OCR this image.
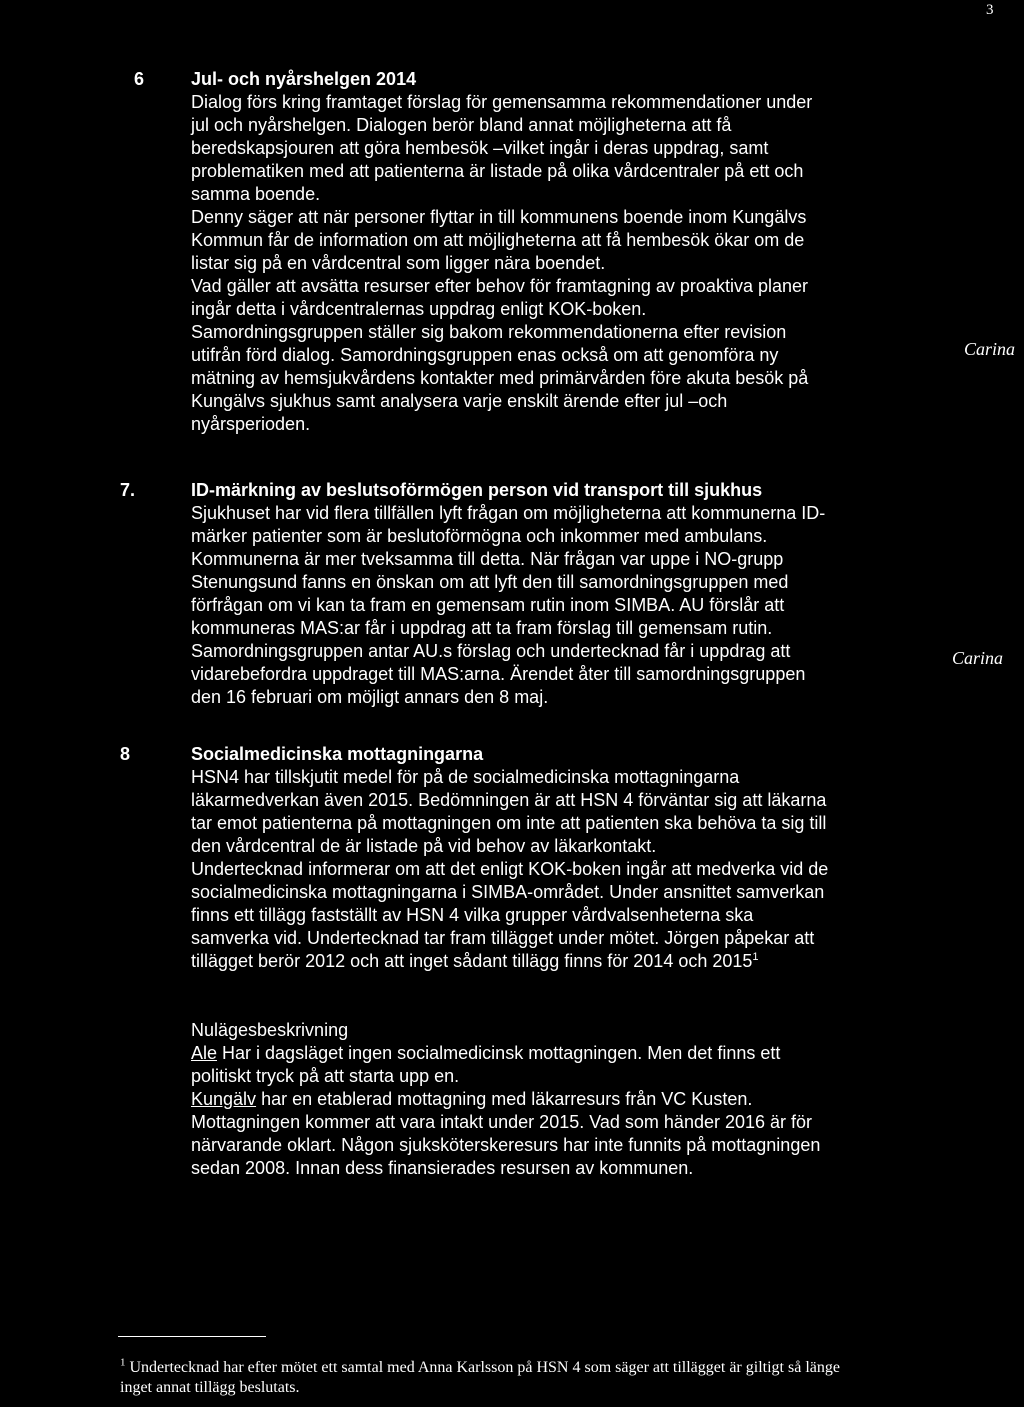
3
6	Jul- och nyårshelgen 2014

Dialog förs kring framtaget förslag för gemensamma rekommendationer under
jul och nyårshelgen. Dialogen berör bland annat möjligheterna att få
beredskapsjouren att göra hembesök –vilket ingår i deras uppdrag, samt
problematiken med att patienterna är listade på olika vårdcentraler på ett och
samma boende.

Denny säger att när personer flyttar in till kommunens boende inom Kungälvs
Kommun får de information om att möjligheterna att få hembesök ökar om de
listar sig på en vårdcentral som ligger nära boendet.

Vad gäller att avsätta resurser efter behov för framtagning av proaktiva planer
ingår detta i vårdcentralernas uppdrag enligt KOK-boken.

Samordningsgruppen ställer sig bakom rekommendationerna efter revision
utifrån förd dialog. Samordningsgruppen enas också om att genomföra ny
mätning av hemsjukvårdens kontakter med primärvården före akuta besök på
Kungälvs sjukhus samt analysera varje enskilt ärende efter jul –och
nyårsperioden.

Carina
7.	ID-märkning av beslutsoförmögen person vid transport till sjukhus

Sjukhuset har vid flera tillfällen lyft frågan om möjligheterna att kommunerna ID-
märker patienter som är beslutoförmögna och inkommer med ambulans.
Kommunerna är mer tveksamma till detta. När frågan var uppe i NO-grupp
Stenungsund fanns en önskan om att lyft den till samordningsgruppen med
förfrågan om vi kan ta fram en gemensam rutin inom SIMBA. AU förslår att
kommuneras MAS:ar får i uppdrag att ta fram förslag till gemensam rutin.
Samordningsgruppen antar AU.s förslag och undertecknad får i uppdrag att
vidarebefordra uppdraget till MAS:arna. Ärendet åter till samordningsgruppen
den 16 februari om möjligt annars den 8 maj.

Carina
8	Socialmedicinska mottagningarna

HSN4 har tillskjutit medel för på de socialmedicinska mottagningarna
läkarmedverkan även 2015. Bedömningen är att HSN 4 förväntar sig att läkarna
tar emot patienterna på mottagningen om inte att patienten ska behöva ta sig till
den vårdcentral de är listade på vid behov av läkarkontakt.

Undertecknad informerar om att det enligt KOK-boken ingår att medverka vid de
socialmedicinska mottagningarna i SIMBA-området. Under ansnittet samverkan
finns ett tillägg fastställt av HSN 4 vilka grupper vårdvalsenheterna ska
samverka vid. Undertecknad tar fram tillägget under mötet. Jörgen påpekar att
tillägget berör 2012 och att inget sådant tillägg finns för 2014 och 2015$^1$

Nulägesbeskrivning

Ale Har i dagsläget ingen socialmedicinsk mottagningen. Men det finns ett
politiskt tryck på att starta upp en.

Kungälv har en etablerad mottagning med läkarresurs från VC Kusten.
Mottagningen kommer att vara intakt under 2015. Vad som händer 2016 är för
närvarande oklart. Någon sjuksköterskeresurs har inte funnits på mottagningen
sedan 2008. Innan dess finansierades resursen av kommunen.

$^1$ Undertecknad har efter mötet ett samtal med Anna Karlsson på HSN 4 som säger att tillägget är giltigt så länge
inget annat tillägg beslutats.
